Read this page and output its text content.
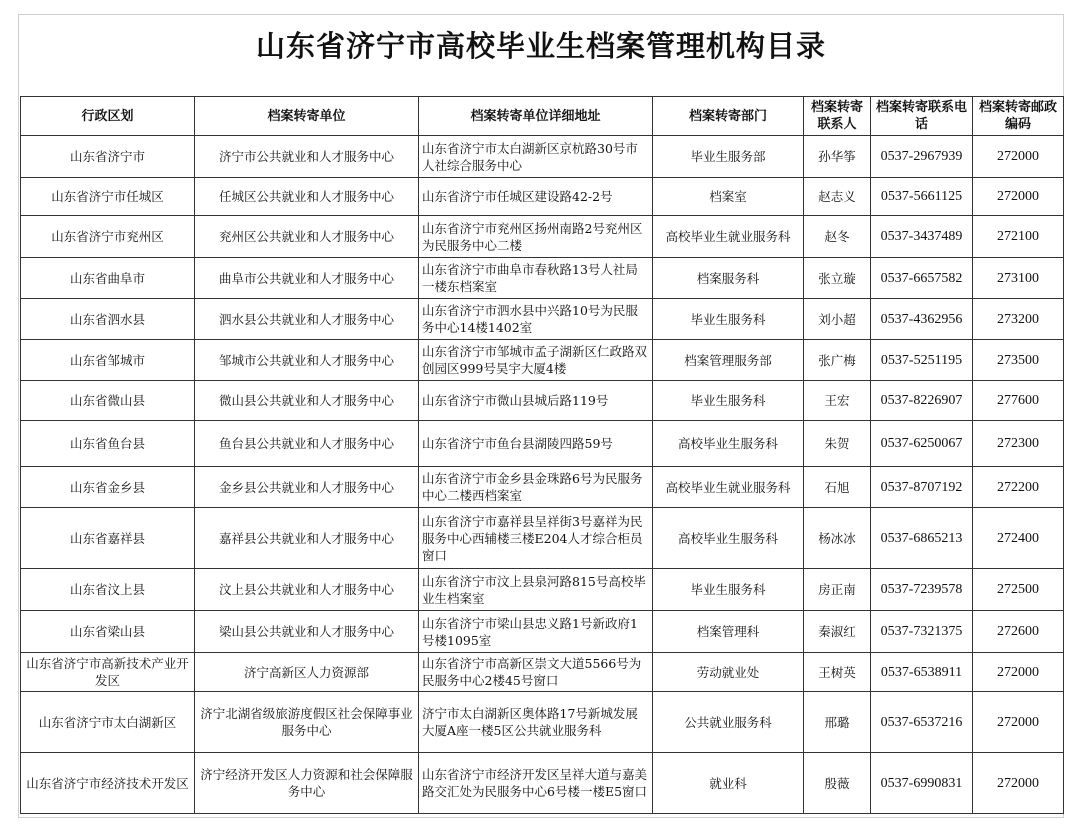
山东省济宁市高校毕业生档案管理机构目录
行政区划	档案转寄单位	档案转寄单位详细地址	档案转寄部门	档案转寄联系人	档案转寄联系电话	档案转寄邮政编码
山东省济宁市	济宁市公共就业和人才服务中心	山东省济宁市太白湖新区京杭路30号市人社综合服务中心	毕业生服务部	孙华筝	0537-2967939	272000
山东省济宁市任城区	任城区公共就业和人才服务中心	山东省济宁市任城区建设路42-2号	档案室	赵志义	0537-5661125	272000
山东省济宁市兖州区	兖州区公共就业和人才服务中心	山东省济宁市兖州区扬州南路2号兖州区为民服务中心二楼	高校毕业生就业服务科	赵冬	0537-3437489	272100
山东省曲阜市	曲阜市公共就业和人才服务中心	山东省济宁市曲阜市春秋路13号人社局一楼东档案室	档案服务科	张立璇	0537-6657582	273100
山东省泗水县	泗水县公共就业和人才服务中心	山东省济宁市泗水县中兴路10号为民服务中心14楼1402室	毕业生服务科	刘小超	0537-4362956	273200
山东省邹城市	邹城市公共就业和人才服务中心	山东省济宁市邹城市孟子湖新区仁政路双创园区999号昊宇大厦4楼	档案管理服务部	张广梅	0537-5251195	273500
山东省微山县	微山县公共就业和人才服务中心	山东省济宁市微山县城后路119号	毕业生服务科	王宏	0537-8226907	277600
山东省鱼台县	鱼台县公共就业和人才服务中心	山东省济宁市鱼台县湖陵四路59号	高校毕业生服务科	朱贺	0537-6250067	272300
山东省金乡县	金乡县公共就业和人才服务中心	山东省济宁市金乡县金珠路6号为民服务中心二楼西档案室	高校毕业生就业服务科	石旭	0537-8707192	272200
山东省嘉祥县	嘉祥县公共就业和人才服务中心	山东省济宁市嘉祥县呈祥街3号嘉祥为民服务中心西辅楼三楼E204人才综合柜员窗口	高校毕业生服务科	杨冰冰	0537-6865213	272400
山东省汶上县	汶上县公共就业和人才服务中心	山东省济宁市汶上县泉河路815号高校毕业生档案室	毕业生服务科	房正南	0537-7239578	272500
山东省梁山县	梁山县公共就业和人才服务中心	山东省济宁市梁山县忠义路1号新政府1号楼1095室	档案管理科	秦淑红	0537-7321375	272600
山东省济宁市高新技术产业开发区	济宁高新区人力资源部	山东省济宁市高新区崇文大道5566号为民服务中心2楼45号窗口	劳动就业处	王树英	0537-6538911	272000
山东省济宁市太白湖新区	济宁北湖省级旅游度假区社会保障事业服务中心	济宁市太白湖新区奥体路17号新城发展大厦A座一楼5区公共就业服务科	公共就业服务科	邢璐	0537-6537216	272000
山东省济宁市经济技术开发区	济宁经济开发区人力资源和社会保障服务中心	山东省济宁市经济开发区呈祥大道与嘉美路交汇处为民服务中心6号楼一楼E5窗口	就业科	殷薇	0537-6990831	272000
